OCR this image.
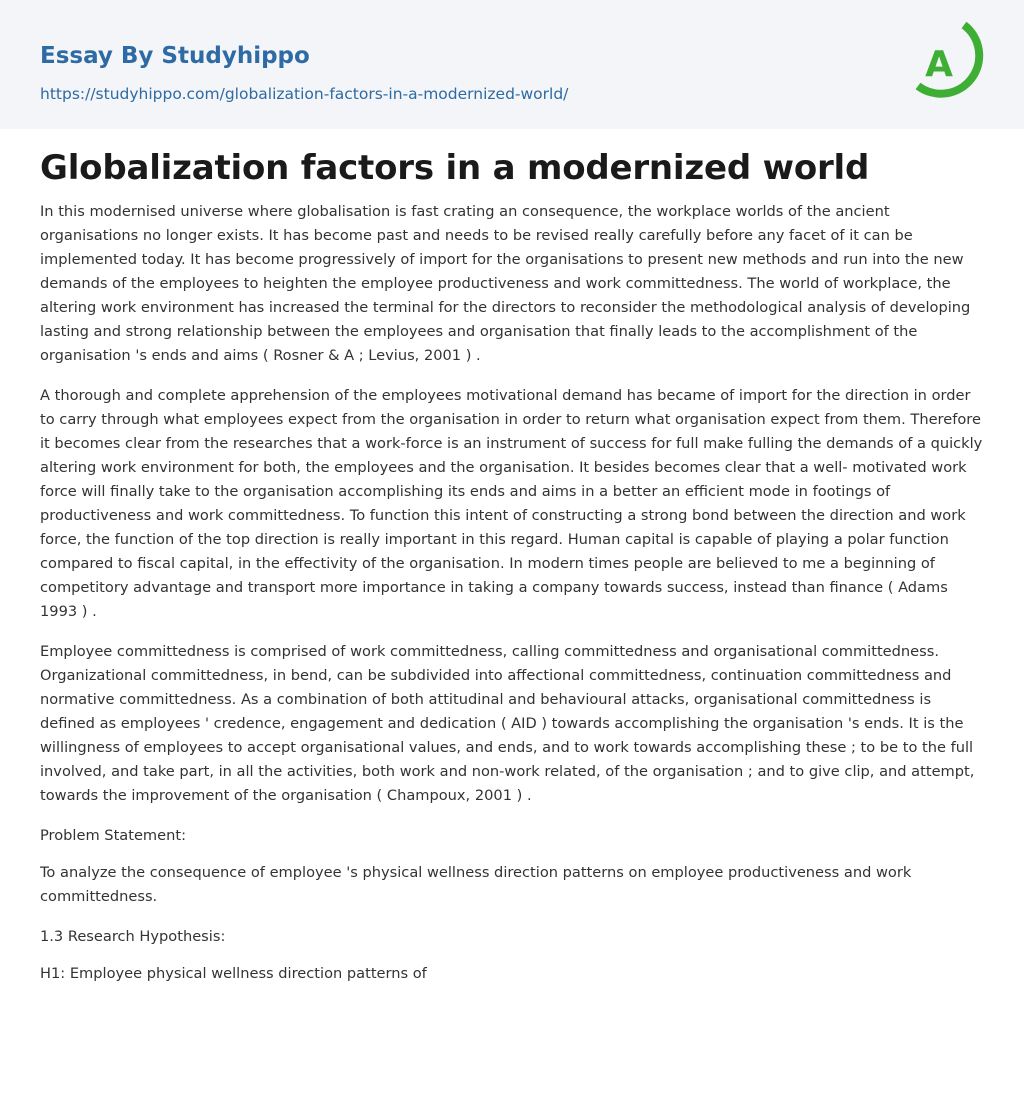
Essay By Studyhippo
https://studyhippo.com/globalization-factors-in-a-modernized-world/
A
Globalization factors in a modernized world

In this modernised universe where globalisation is fast crating an consequence, the workplace worlds of the ancient organisations no longer exists. It has become past and needs to be revised really carefully before any facet of it can be implemented today. It has become progressively of import for the organisations to present new methods and run into the new demands of the employees to heighten the employee productiveness and work committedness. The world of workplace, the altering work environment has increased the terminal for the directors to reconsider the methodological analysis of developing lasting and strong relationship between the employees and organisation that finally leads to the accomplishment of the organisation 's ends and aims ( Rosner & A ; Levius, 2001 ) .

A thorough and complete apprehension of the employees motivational demand has became of import for the direction in order to carry through what employees expect from the organisation in order to return what organisation expect from them. Therefore it becomes clear from the researches that a work-force is an instrument of success for full make fulling the demands of a quickly altering work environment for both, the employees and the organisation. It besides becomes clear that a well- motivated work force will finally take to the organisation accomplishing its ends and aims in a better an efficient mode in footings of productiveness and work committedness. To function this intent of constructing a strong bond between the direction and work force, the function of the top direction is really important in this regard. Human capital is capable of playing a polar function compared to fiscal capital, in the effectivity of the organisation. In modern times people are believed to me a beginning of competitory advantage and transport more importance in taking a company towards success, instead than finance ( Adams 1993 ) .

Employee committedness is comprised of work committedness, calling committedness and organisational committedness. Organizational committedness, in bend, can be subdivided into affectional committedness, continuation committedness and normative committedness. As a combination of both attitudinal and behavioural attacks, organisational committedness is defined as employees ' credence, engagement and dedication ( AID ) towards accomplishing the organisation 's ends. It is the willingness of employees to accept organisational values, and ends, and to work towards accomplishing these ; to be to the full involved, and take part, in all the activities, both work and non-work related, of the organisation ; and to give clip, and attempt, towards the improvement of the organisation ( Champoux, 2001 ) .

Problem Statement:

To analyze the consequence of employee 's physical wellness direction patterns on employee productiveness and work committedness.

1.3 Research Hypothesis:

H1: Employee physical wellness direction patterns of
